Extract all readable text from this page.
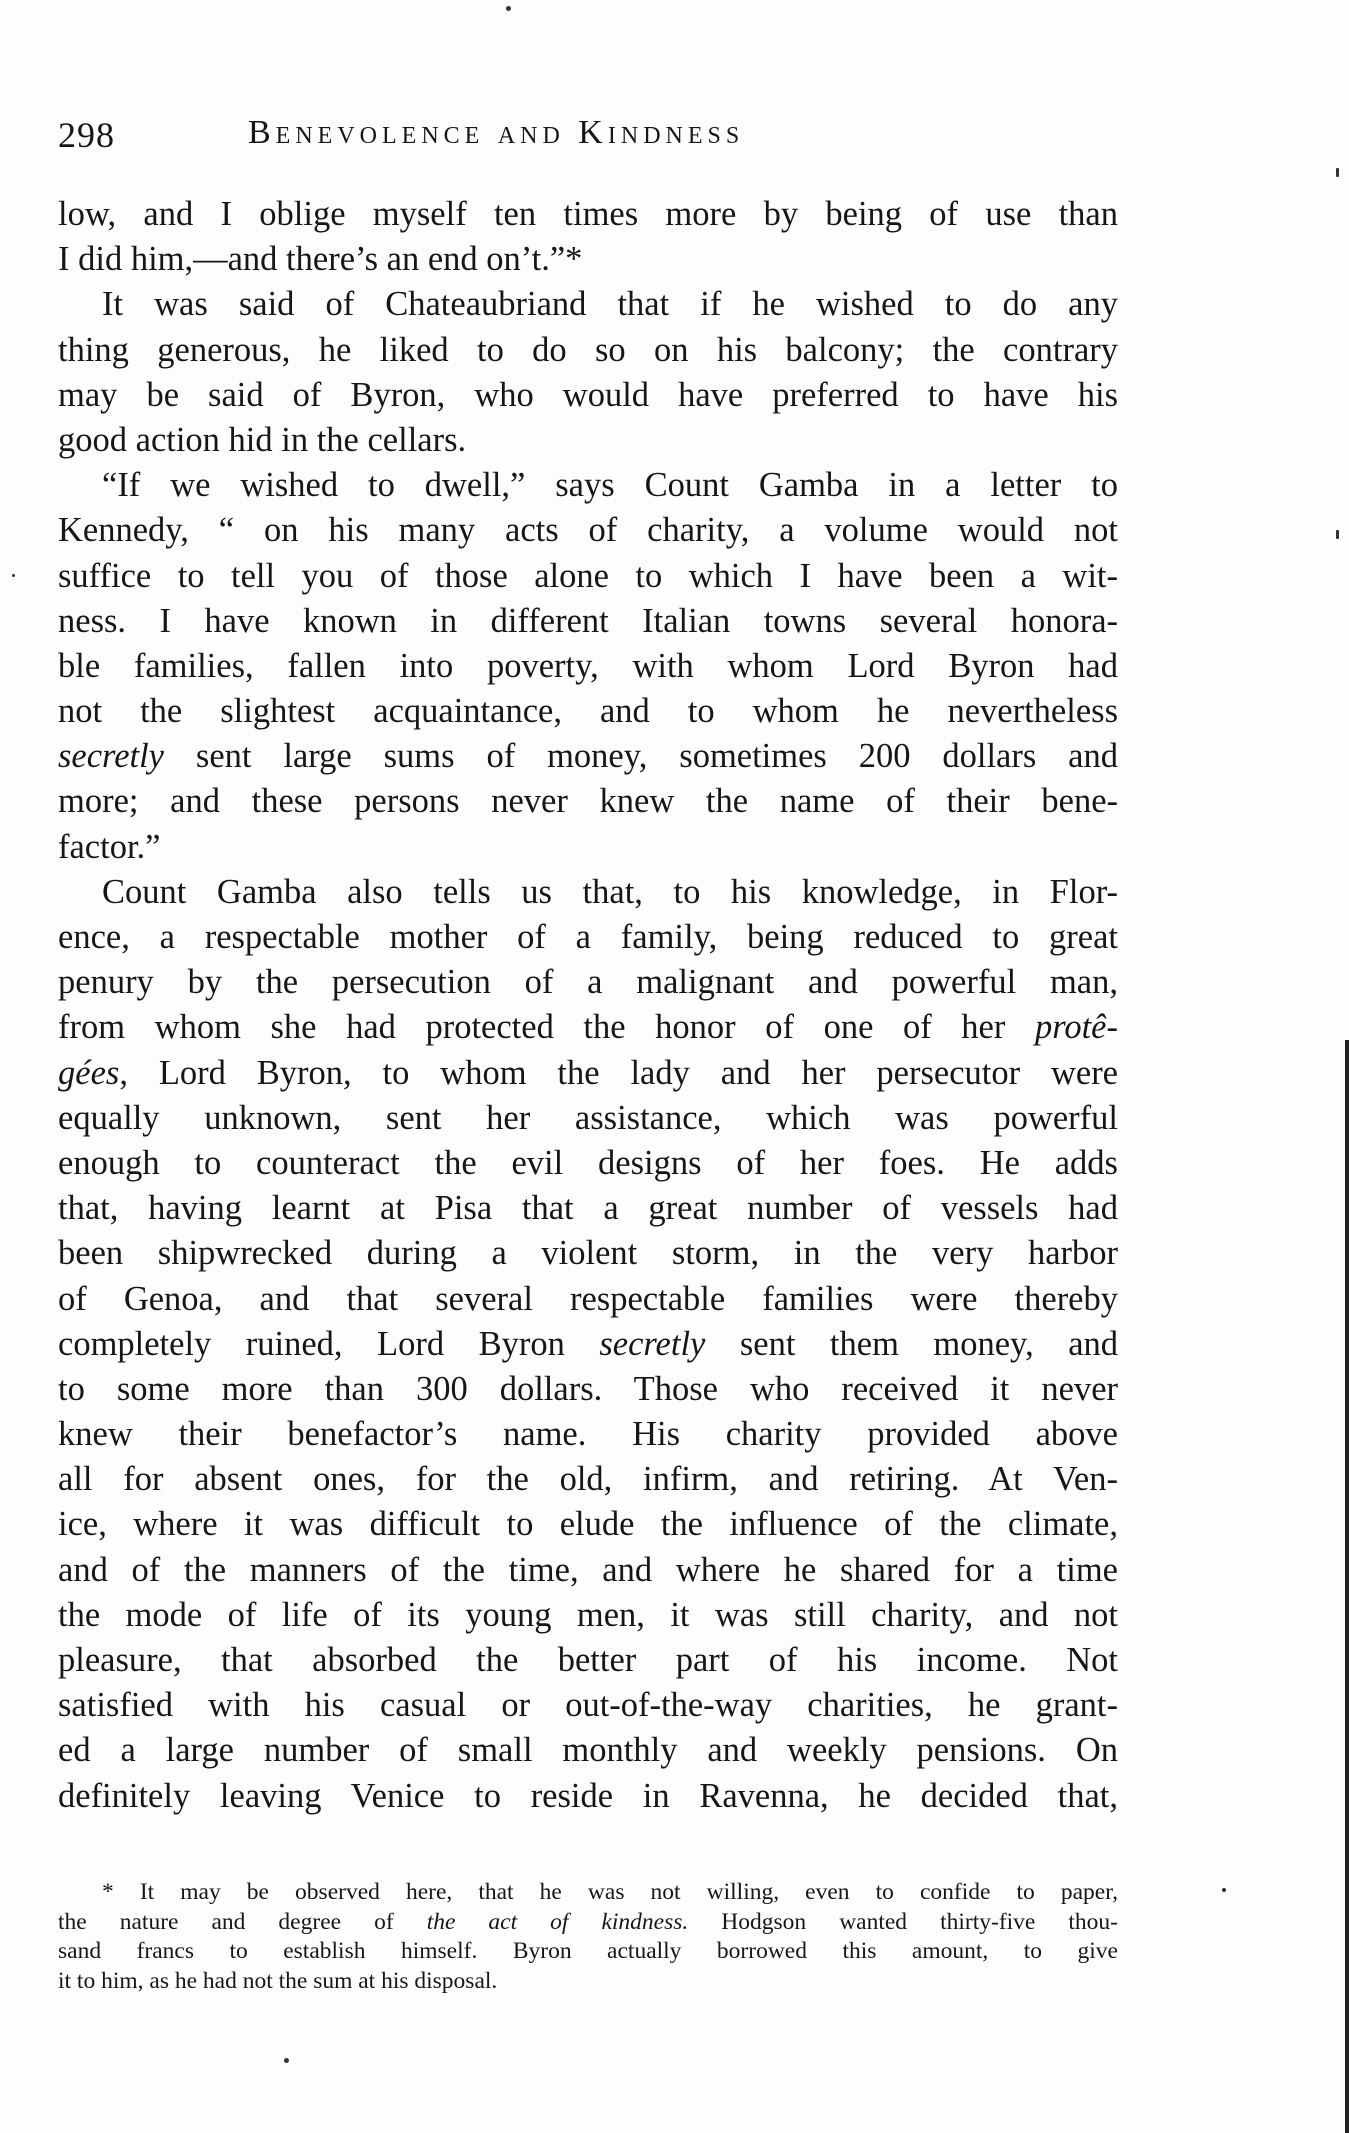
298	Benevolence and Kindness
low, and I oblige myself ten times more by being of use than
I did him,—and there’s an end on’t.”*
It was said of Chateaubriand that if he wished to do any
thing generous, he liked to do so on his balcony; the contrary
may be said of Byron, who would have preferred to have his
good action hid in the cellars.
“If we wished to dwell,” says Count Gamba in a letter to
Kennedy, “ on his many acts of charity, a volume would not
suffice to tell you of those alone to which I have been a wit-
ness. I have known in different Italian towns several honora-
ble families, fallen into poverty, with whom Lord Byron had
not the slightest acquaintance, and to whom he nevertheless
secretly sent large sums of money, sometimes 200 dollars and
more; and these persons never knew the name of their bene-
factor.”
Count Gamba also tells us that, to his knowledge, in Flor-
ence, a respectable mother of a family, being reduced to great
penury by the persecution of a malignant and powerful man,
from whom she had protected the honor of one of her protê-
gées, Lord Byron, to whom the lady and her persecutor were
equally unknown, sent her assistance, which was powerful
enough to counteract the evil designs of her foes. He adds
that, having learnt at Pisa that a great number of vessels had
been shipwrecked during a violent storm, in the very harbor
of Genoa, and that several respectable families were thereby
completely ruined, Lord Byron secretly sent them money, and
to some more than 300 dollars. Those who received it never
knew their benefactor’s name. His charity provided above
all for absent ones, for the old, infirm, and retiring. At Ven-
ice, where it was difficult to elude the influence of the climate,
and of the manners of the time, and where he shared for a time
the mode of life of its young men, it was still charity, and not
pleasure, that absorbed the better part of his income. Not
satisfied with his casual or out-of-the-way charities, he grant-
ed a large number of small monthly and weekly pensions. On
definitely leaving Venice to reside in Ravenna, he decided that,
* It may be observed here, that he was not willing, even to confide to paper,
the nature and degree of the act of kindness. Hodgson wanted thirty-five thou-
sand francs to establish himself. Byron actually borrowed this amount, to give
it to him, as he had not the sum at his disposal.
